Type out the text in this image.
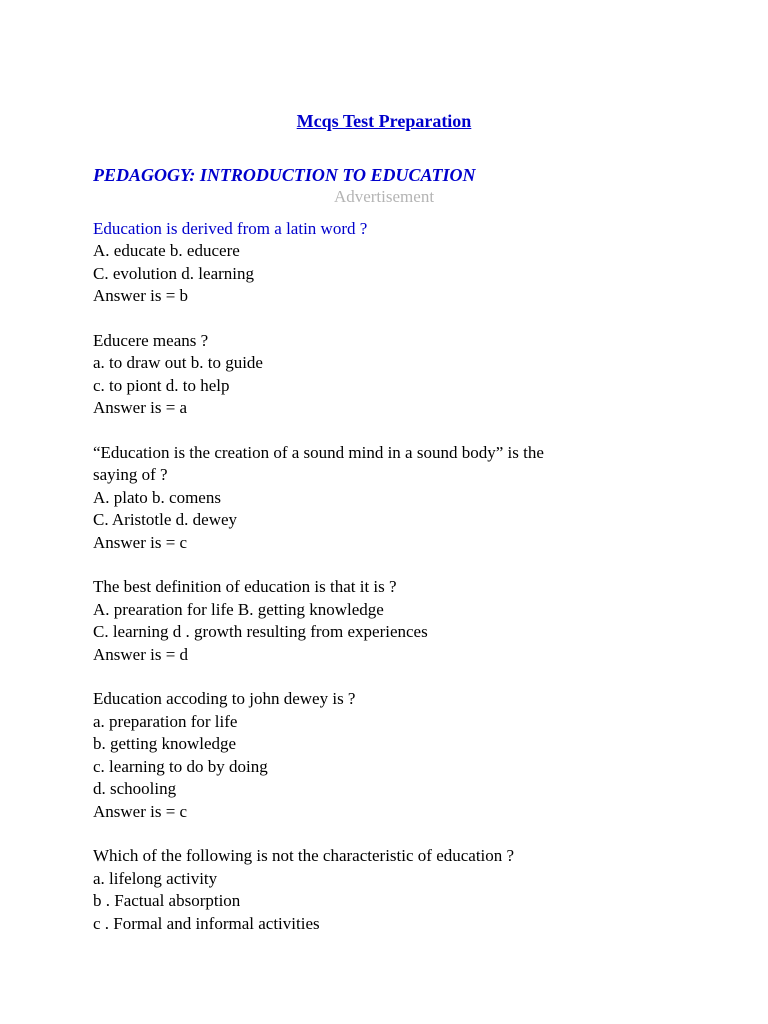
Mcqs Test Preparation
PEDAGOGY: INTRODUCTION TO EDUCATION
Advertisement
Education is derived from a latin word ?
A. educate b. educere
C. evolution d. learning
Answer is = b
Educere means ?
a. to draw out b. to guide
c. to piont d. to help
Answer is = a
“Education is the creation of a sound mind in a sound body” is the
saying of ?
A. plato b. comens
C. Aristotle d. dewey
Answer is = c
The best definition of education is that it is ?
A. prearation for life B. getting knowledge
C. learning d . growth resulting from experiences
Answer is = d
Education accoding to john dewey is ?
a. preparation for life
b. getting knowledge
c. learning to do by doing
d. schooling
Answer is = c
Which of the following is not the characteristic of education ?
a. lifelong activity
b . Factual absorption
c . Formal and informal activities
